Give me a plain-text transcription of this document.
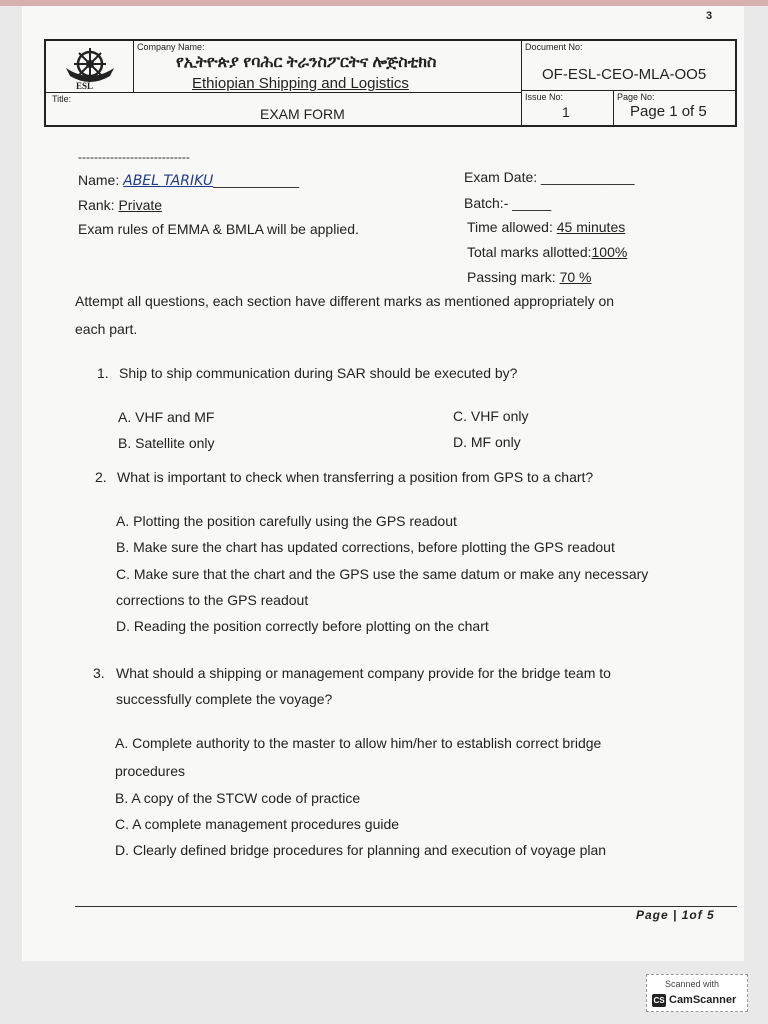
3
ESL
Company Name:
የኢትዮጵያ የባሕር ትራንስፖርትና ሎጅስቲክስ
Ethiopian Shipping and Logistics
Document No:
OF-ESL-CEO-MLA-OO5
Title:
EXAM FORM
Issue No:
1
Page No:
Page 1 of 5
----------------------------
Name: ABEL TARIKU___________
Rank: Private
Exam rules of EMMA & BMLA will be applied.
Exam Date: ____________
Batch:- _____
Time allowed: 45 minutes
Total marks allotted:100%
Passing mark: 70 %
Attempt all questions, each section have different marks as mentioned appropriately on
each part.
1. Ship to ship communication during SAR should be executed by?
A. VHF and MF	C. VHF only
B. Satellite only	D. MF only
2. What is important to check when transferring a position from GPS to a chart?
A. Plotting the position carefully using the GPS readout
B. Make sure the chart has updated corrections, before plotting the GPS readout
C. Make sure that the chart and the GPS use the same datum or make any necessary
corrections to the GPS readout
D. Reading the position correctly before plotting on the chart
3. What should a shipping or management company provide for the bridge team to
successfully complete the voyage?
A. Complete authority to the master to allow him/her to establish correct bridge
procedures
B. A copy of the STCW code of practice
C. A complete management procedures guide
D. Clearly defined bridge procedures for planning and execution of voyage plan
Page | 1of 5
Scanned with
CS CamScanner
